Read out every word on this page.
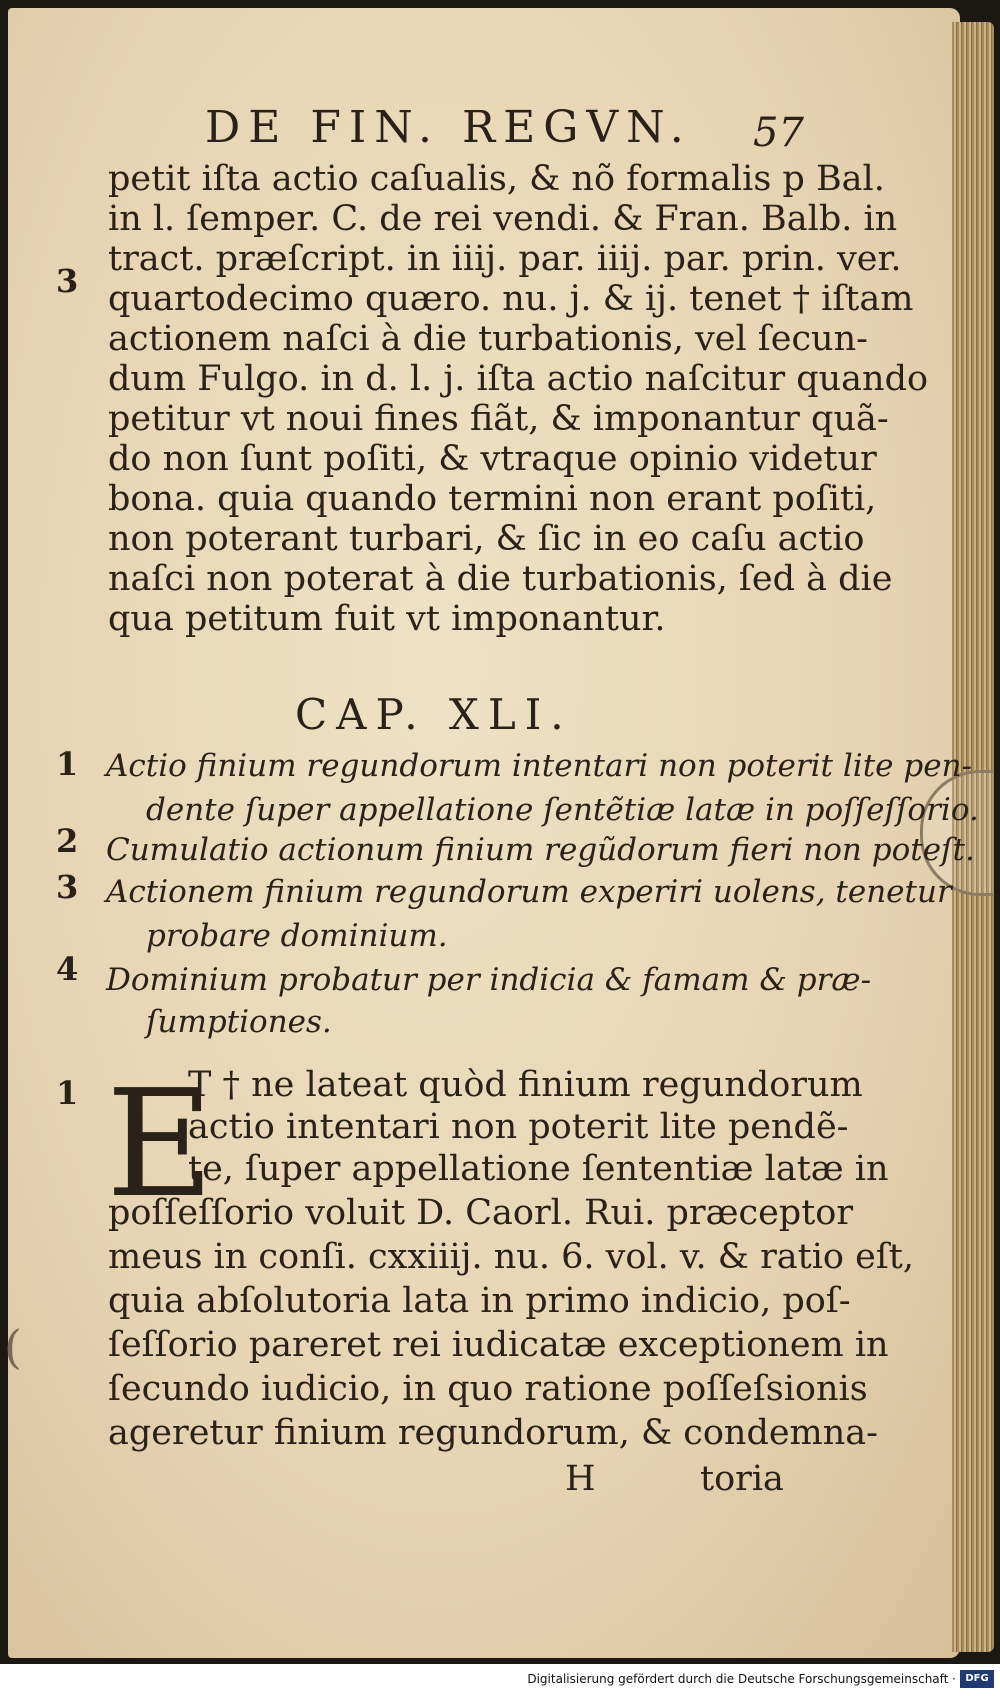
DE FIN. REGVN. 57
3
petit iſta actio caſualis, & nõ formalis p Bal.
in l. ſemper. C. de rei vendi. & Fran. Balb. in
tract. præſcript. in iiij. par. iiij. par. prin. ver.
quartodecimo quæro. nu. j. & ij. tenet † iſtam
actionem naſci à die turbationis, vel ſecun-
dum Fulgo. in d. l. j. iſta actio naſcitur quando
petitur vt noui fines fiãt, & imponantur quã-
do non ſunt poſiti, & vtraque opinio videtur
bona. quia quando termini non erant poſiti,
non poterant turbari, & ſic in eo caſu actio
naſci non poterat à die turbationis, ſed à die
qua petitum fuit vt imponantur.
CAP. XLI.
1 Actio finium regundorum intentari non poterit lite pen-
dente ſuper appellatione ſentẽtiæ latæ in poſſeſſorio.
2 Cumulatio actionum finium regũdorum fieri non poteſt.
3 Actionem finium regundorum experiri uolens, tenetur
probare dominium.
4 Dominium probatur per indicia & famam & præ-
ſumptiones.
1 E
T † ne lateat quòd finium regundorum
actio intentari non poterit lite pendẽ-
te, ſuper appellatione ſententiæ latæ in
poſſeſſorio voluit D. Caorl. Rui. præceptor
meus in conſi. cxxiiij. nu. 6. vol. v. & ratio eſt,
quia abſolutoria lata in primo indicio, poſ-
ſeſſorio pareret rei iudicatæ exceptionem in
ſecundo iudicio, in quo ratione poſſeſsionis
ageretur finium regundorum, & condemna-
H	toria
(
Digitalisierung gefördert durch die Deutsche Forschungsgemeinschaft · DFG
